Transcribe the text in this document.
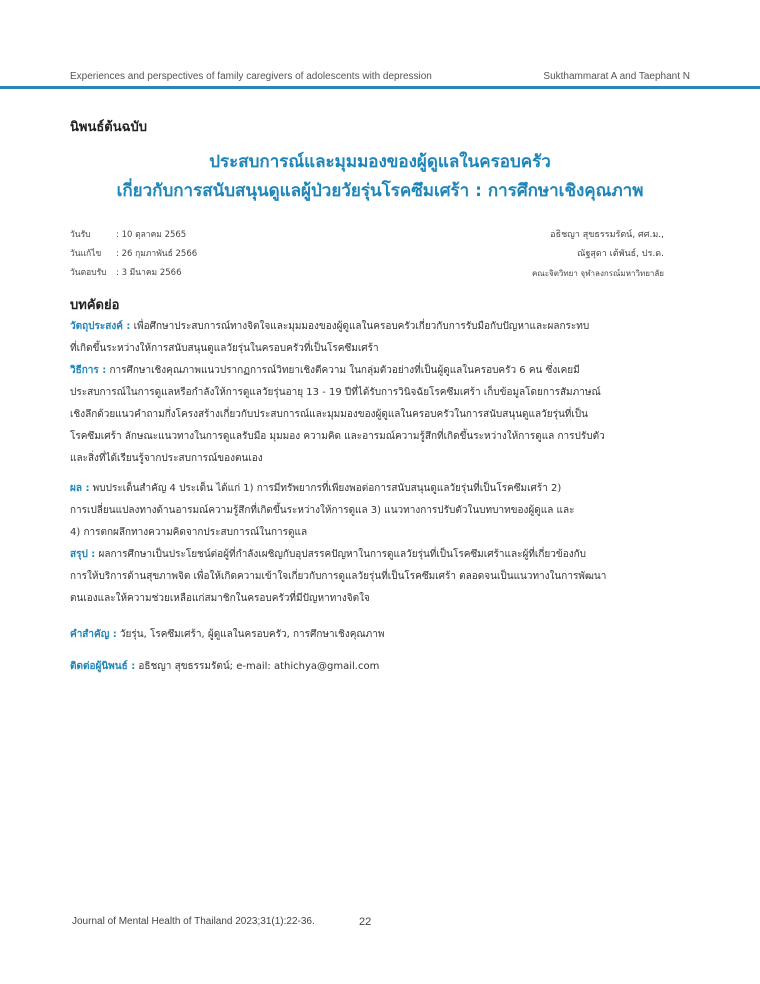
Experiences and perspectives of family caregivers of adolescents with depression	Sukthammarat A and Taephant N
นิพนธ์ต้นฉบับ
ประสบการณ์และมุมมองของผู้ดูแลในครอบครัว
เกี่ยวกับการสนับสนุนดูแลผู้ป่วยวัยรุ่นโรคซึมเศร้า : การศึกษาเชิงคุณภาพ
วันรับ	: 10 ตุลาคม 2565
วันแก้ไข : 26 กุมภาพันธ์ 2566
วันตอบรับ : 3 มีนาคม 2566
อธิชญา สุขธรรมรัตน์, ศศ.ม.,
ณัฐสุดา เต้พันธ์, ปร.ด.
คณะจิตวิทยา จุฬาลงกรณ์มหาวิทยาลัย
บทคัดย่อ
วัตถุประสงค์ : เพื่อศึกษาประสบการณ์ทางจิตใจและมุมมองของผู้ดูแลในครอบครัวเกี่ยวกับการรับมือกับปัญหาและผลกระทบ
ที่เกิดขึ้นระหว่างให้การสนับสนุนดูแลวัยรุ่นในครอบครัวที่เป็นโรคซึมเศร้า
วิธีการ : การศึกษาเชิงคุณภาพแนวปรากฏการณ์วิทยาเชิงตีความ ในกลุ่มตัวอย่างที่เป็นผู้ดูแลในครอบครัว 6 คน ซึ่งเคยมี
ประสบการณ์ในการดูแลหรือกำลังให้การดูแลวัยรุ่นอายุ 13 - 19 ปีที่ได้รับการวินิจฉัยโรคซึมเศร้า เก็บข้อมูลโดยการสัมภาษณ์
เชิงลึกด้วยแนวคำถามกึ่งโครงสร้างเกี่ยวกับประสบการณ์และมุมมองของผู้ดูแลในครอบครัวในการสนับสนุนดูแลวัยรุ่นที่เป็น
โรคซึมเศร้า ลักษณะแนวทางในการดูแลรับมือ มุมมอง ความคิด และอารมณ์ความรู้สึกที่เกิดขึ้นระหว่างให้การดูแล การปรับตัว
และสิ่งที่ได้เรียนรู้จากประสบการณ์ของตนเอง
ผล : พบประเด็นสำคัญ 4 ประเด็น ได้แก่ 1) การมีทรัพยากรที่เพียงพอต่อการสนับสนุนดูแลวัยรุ่นที่เป็นโรคซึมเศร้า 2)
การเปลี่ยนแปลงทางด้านอารมณ์ความรู้สึกที่เกิดขึ้นระหว่างให้การดูแล 3) แนวทางการปรับตัวในบทบาทของผู้ดูแล และ
4) การตกผลึกทางความคิดจากประสบการณ์ในการดูแล
สรุป : ผลการศึกษาเป็นประโยชน์ต่อผู้ที่กำลังเผชิญกับอุปสรรคปัญหาในการดูแลวัยรุ่นที่เป็นโรคซึมเศร้าและผู้ที่เกี่ยวข้องกับ
การให้บริการด้านสุขภาพจิต เพื่อให้เกิดความเข้าใจเกี่ยวกับการดูแลวัยรุ่นที่เป็นโรคซึมเศร้า ตลอดจนเป็นแนวทางในการพัฒนา
ตนเองและให้ความช่วยเหลือแก่สมาชิกในครอบครัวที่มีปัญหาทางจิตใจ
คำสำคัญ : วัยรุ่น, โรคซึมเศร้า, ผู้ดูแลในครอบครัว, การศึกษาเชิงคุณภาพ
ติดต่อผู้นิพนธ์ : อธิชญา สุขธรรมรัตน์; e-mail: athichya@gmail.com
Journal of Mental Health of Thailand 2023;31(1):22-36.	22
